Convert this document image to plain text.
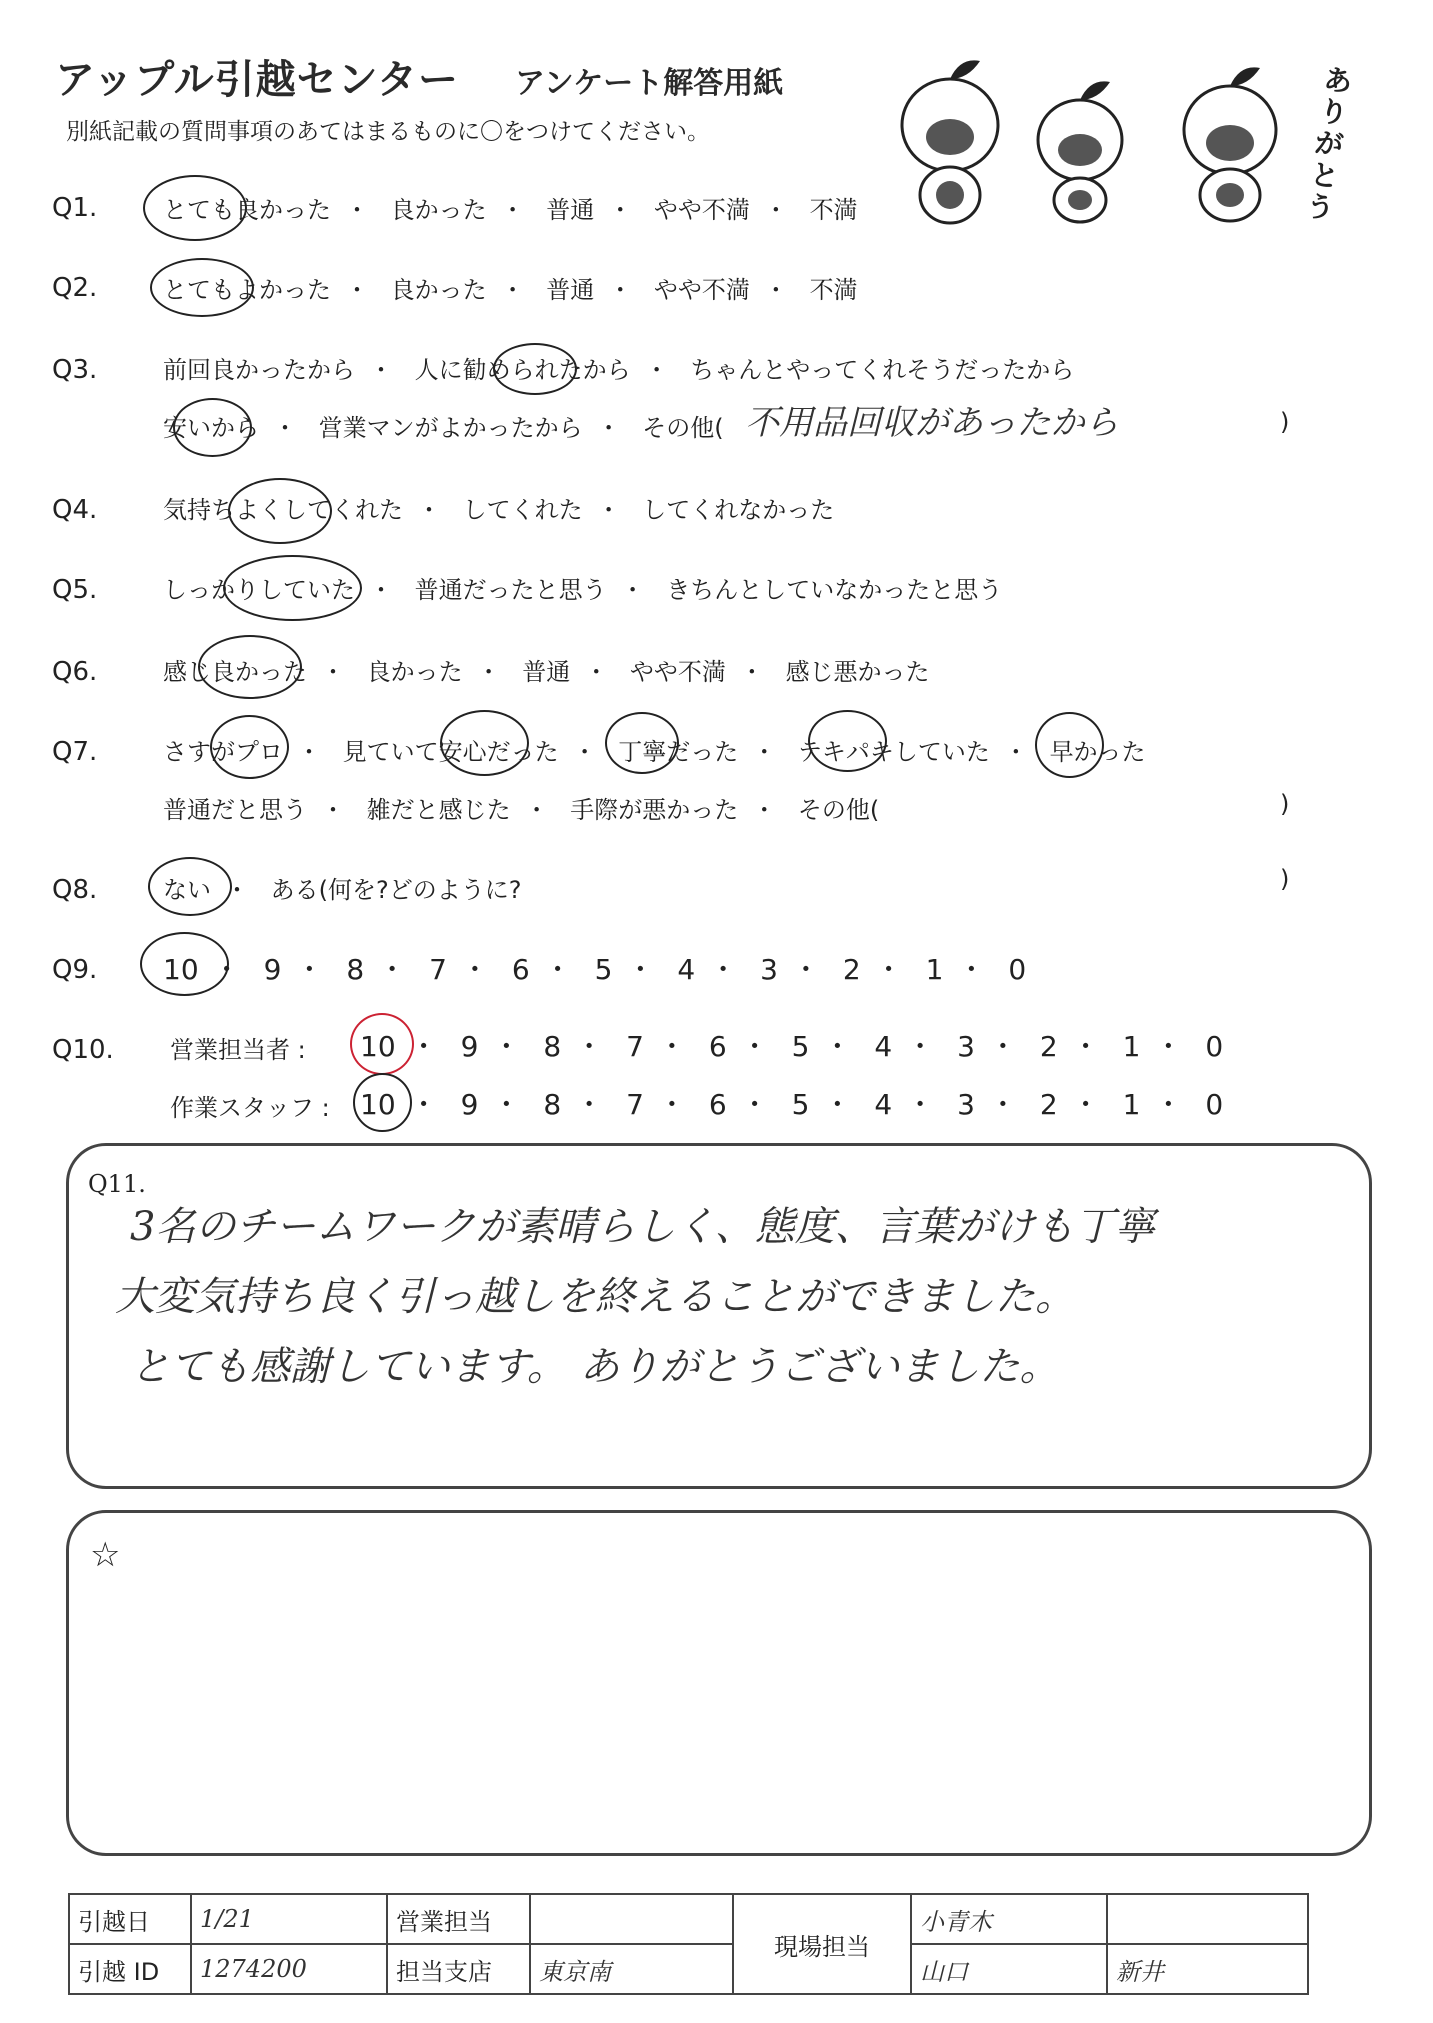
アップル引越センター アンケート解答用紙
別紙記載の質問事項のあてはまるものに〇をつけてください。
ありがとう
Q1.	とても良かった ・ 良かった ・ 普通 ・ やや不満 ・ 不満
Q2.	とてもよかった ・ 良かった ・ 普通 ・ やや不満 ・ 不満
Q3.	前回良かったから ・ 人に勧められたから ・ ちゃんとやってくれそうだったから
安いから ・ 営業マンがよかったから ・ その他( 不用品回収があったから	)
Q4.	気持ちよくしてくれた ・ してくれた ・ してくれなかった
Q5.	しっかりしていた ・ 普通だったと思う ・ きちんとしていなかったと思う
Q6.	感じ良かった ・ 良かった ・ 普通 ・ やや不満 ・ 感じ悪かった
Q7.	さすがプロ ・ 見ていて安心だった ・ 丁寧だった ・ テキパキしていた ・ 早かった
普通だと思う ・ 雑だと感じた ・ 手際が悪かった ・ その他(	)
Q8.	ない ・ ある(何を?どのように?	)
Q9. 10 ・ 9 ・ 8 ・ 7 ・ 6 ・ 5 ・ 4 ・ 3 ・ 2 ・ 1 ・ 0
Q10. 営業担当者 : 10 ・ 9 ・ 8 ・ 7 ・ 6 ・ 5 ・ 4 ・ 3 ・ 2 ・ 1 ・ 0
作業スタッフ : 10 ・ 9 ・ 8 ・ 7 ・ 6 ・ 5 ・ 4 ・ 3 ・ 2 ・ 1 ・ 0
Q11.
3名のチームワークが素晴らしく、態度、言葉がけも丁寧
大変気持ち良く引っ越しを終えることができました。
とても感謝しています。 ありがとうございました。
☆
引越日	1/21	営業担当		現場担当	小青木	
引越 ID	1274200	担当支店	東京南		山口	新井
